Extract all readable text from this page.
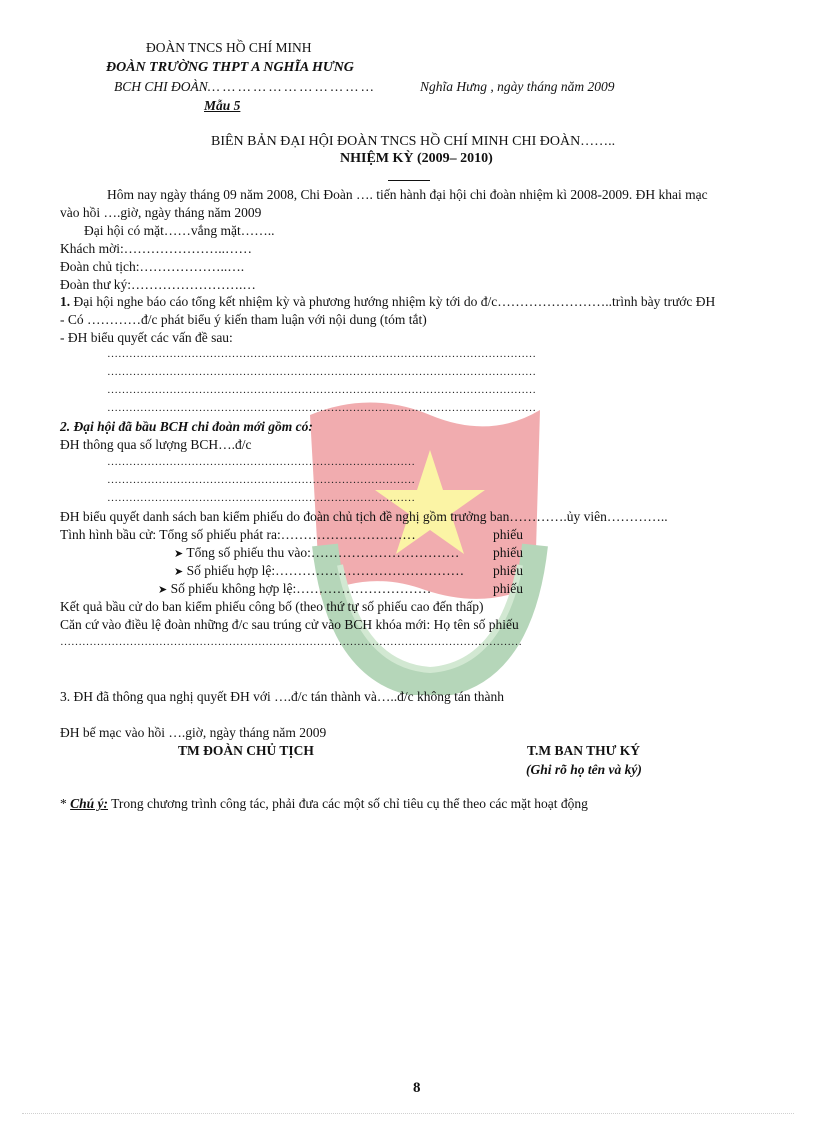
ĐOÀN TNCS HỒ CHÍ MINH
ĐOÀN TRƯỜNG THPT A NGHĨA HƯNG
BCH CHI ĐOÀN… … … … … … … … … … …	Nghĩa Hưng , ngày tháng năm 2009
Mẫu 5
BIÊN BẢN ĐẠI HỘI ĐOÀN TNCS HỒ CHÍ MINH CHI ĐOÀN……..
NHIỆM KỲ (2009– 2010)
Hôm nay ngày tháng 09 năm 2008, Chi Đoàn …. tiến hành đại hội chi đoàn nhiệm kì 2008-2009. ĐH khai mạc
vào hồi ….giờ, ngày tháng năm 2009
Đại hội có mặt……vắng mặt……..
Khách mời:…………………..……
Đoàn chủ tịch:………………..….
Đoàn thư ký:…………………….…
1. Đại hội nghe báo cáo tổng kết nhiệm kỳ và phương hướng nhiệm kỳ tới do đ/c……………………..trình bày trước ĐH
- Có …………đ/c phát biểu ý kiến tham luận với nội dung (tóm tắt)
- ĐH biểu quyết các vấn đề sau:
………………………………………………………………………………………………………
………………………………………………………………………………………………………
………………………………………………………………………………………………………
………………………………………………………………………………………………………
2. Đại hội đã bầu BCH chi đoàn mới gồm có:
ĐH thông qua số lượng BCH….đ/c
…………………………………………………………………………
…………………………………………………………………………
…………………………………………………………………………
ĐH biểu quyết danh sách ban kiểm phiếu do đoàn chủ tịch đề nghị gồm trưởng ban………….ủy viên…………..
Tình hình bầu cử: Tổng số phiếu phát ra:…………………………	phiếu
➤ Tổng số phiếu thu vào:…………………………… phiếu
➤ Số phiếu hợp lệ:…………………………………… phiếu
➤ Số phiếu không hợp lệ:…………………………	phiếu
Kết quả bầu cử do ban kiểm phiếu công bố (theo thứ tự số phiếu cao đến thấp)
Căn cứ vào điều lệ đoàn những đ/c sau trúng cử vào BCH khóa mới: Họ tên số phiếu
………………………………………………………………………………………………………………
3. ĐH đã thông qua nghị quyết ĐH với ….đ/c tán thành và…..đ/c không tán thành
ĐH bế mạc vào hồi ….giờ, ngày tháng năm 2009
TM ĐOÀN CHỦ TỊCH	T.M BAN THƯ KÝ
(Ghi rõ họ tên và ký)
* Chú ý: Trong chương trình công tác, phải đưa các một số chỉ tiêu cụ thể theo các mặt hoạt động
8
